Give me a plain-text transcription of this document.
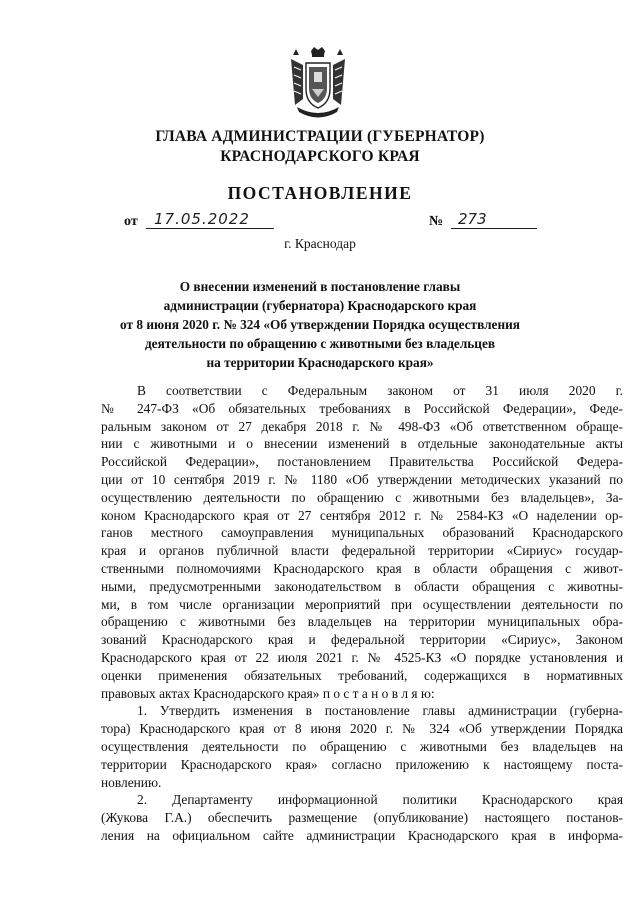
ГЛАВА АДМИНИСТРАЦИИ (ГУБЕРНАТОР)
КРАСНОДАРСКОГО КРАЯ
ПОСТАНОВЛЕНИЕ
от 17.05.2022	№ 273
г. Краснодар
О внесении изменений в постановление главы
администрации (губернатора) Краснодарского края
от 8 июня 2020 г. № 324 «Об утверждении Порядка осуществления
деятельности по обращению с животными без владельцев
на территории Краснодарского края»
В соответствии с Федеральным законом от 31 июля 2020 г.
№ 247-ФЗ «Об обязательных требованиях в Российской Федерации», Феде-
ральным законом от 27 декабря 2018 г. № 498-ФЗ «Об ответственном обраще-
нии с животными и о внесении изменений в отдельные законодательные акты
Российской Федерации», постановлением Правительства Российской Федера-
ции от 10 сентября 2019 г. № 1180 «Об утверждении методических указаний по
осуществлению деятельности по обращению с животными без владельцев», За-
коном Краснодарского края от 27 сентября 2012 г. № 2584-КЗ «О наделении ор-
ганов местного самоуправления муниципальных образований Краснодарского
края и органов публичной власти федеральной территории «Сириус» государ-
ственными полномочиями Краснодарского края в области обращения с живот-
ными, предусмотренными законодательством в области обращения с животны-
ми, в том числе организации мероприятий при осуществлении деятельности по
обращению с животными без владельцев на территории муниципальных обра-
зований Краснодарского края и федеральной территории «Сириус», Законом
Краснодарского края от 22 июля 2021 г. № 4525-КЗ «О порядке установления и
оценки применения обязательных требований, содержащихся в нормативных
правовых актах Краснодарского края» п о с т а н о в л я ю:
1. Утвердить изменения в постановление главы администрации (губерна-
тора) Краснодарского края от 8 июня 2020 г. № 324 «Об утверждении Порядка
осуществления деятельности по обращению с животными без владельцев на
территории Краснодарского края» согласно приложению к настоящему поста-
новлению.
2. Департаменту информационной политики Краснодарского края
(Жукова Г.А.) обеспечить размещение (опубликование) настоящего постанов-
ления на официальном сайте администрации Краснодарского края в информа-
